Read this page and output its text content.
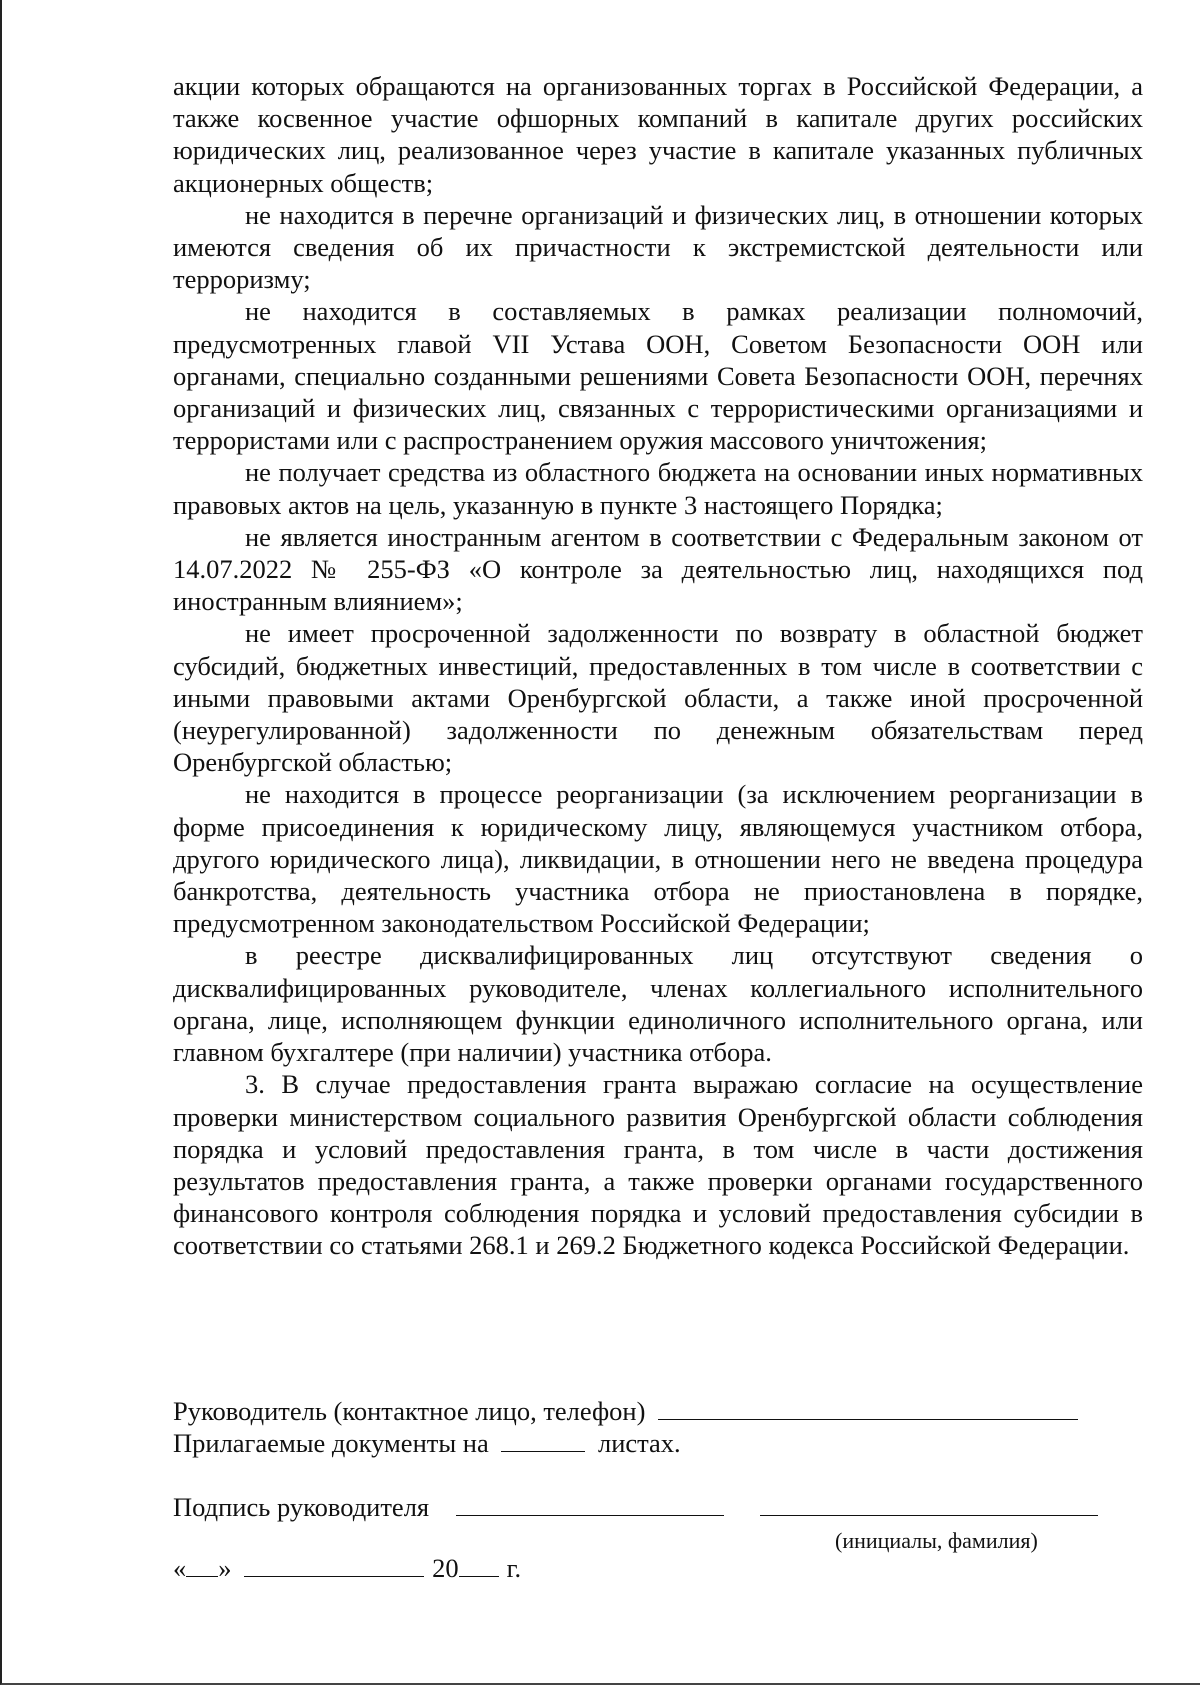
акции которых обращаются на организованных торгах в Российской Федерации, а также косвенное участие офшорных компаний в капитале других российских юридических лиц, реализованное через участие в капитале указанных публичных акционерных обществ;

не находится в перечне организаций и физических лиц, в отношении которых имеются сведения об их причастности к экстремистской деятельности или терроризму;

не находится в составляемых в рамках реализации полномочий, предусмотренных главой VII Устава ООН, Советом Безопасности ООН или органами, специально созданными решениями Совета Безопасности ООН, перечнях организаций и физических лиц, связанных с террористическими организациями и террористами или с распространением оружия массового уничтожения;

не получает средства из областного бюджета на основании иных нормативных правовых актов на цель, указанную в пункте 3 настоящего Порядка;

не является иностранным агентом в соответствии с Федеральным законом от 14.07.2022 № 255-ФЗ «О контроле за деятельностью лиц, находящихся под иностранным влиянием»;

не имеет просроченной задолженности по возврату в областной бюджет субсидий, бюджетных инвестиций, предоставленных в том числе в соответствии с иными правовыми актами Оренбургской области, а также иной просроченной (неурегулированной) задолженности по денежным обязательствам перед Оренбургской областью;

не находится в процессе реорганизации (за исключением реорганизации в форме присоединения к юридическому лицу, являющемуся участником отбора, другого юридического лица), ликвидации, в отношении него не введена процедура банкротства, деятельность участника отбора не приостановлена в порядке, предусмотренном законодательством Российской Федерации;

в реестре дисквалифицированных лиц отсутствуют сведения о дисквалифицированных руководителе, членах коллегиального исполнительного органа, лице, исполняющем функции единоличного исполнительного органа, или главном бухгалтере (при наличии) участника отбора.

3. В случае предоставления гранта выражаю согласие на осуществление проверки министерством социального развития Оренбургской области соблюдения порядка и условий предоставления гранта, в том числе в части достижения результатов предоставления гранта, а также проверки органами государственного финансового контроля соблюдения порядка и условий предоставления субсидии в соответствии со статьями 268.1 и 269.2 Бюджетного кодекса Российской Федерации.

Руководитель (контактное лицо, телефон)
Прилагаемые документы на	листах.
Подпись руководителя
(инициалы, фамилия)
« »	20 г.
